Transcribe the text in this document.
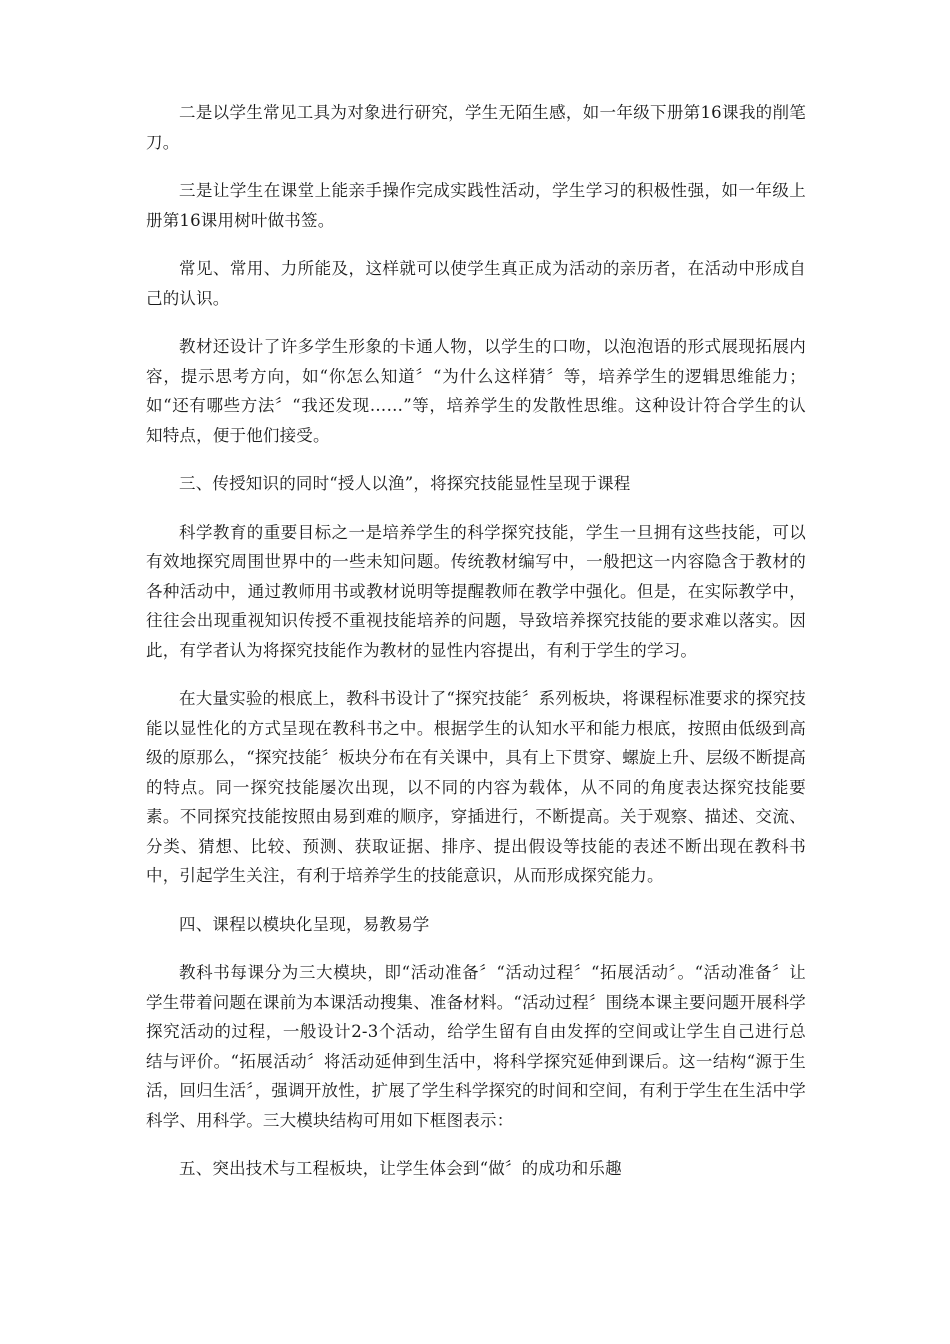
二是以学生常见工具为对象进行研究，学生无陌生感，如一年级下册第16课我的削笔刀。

三是让学生在课堂上能亲手操作完成实践性活动，学生学习的积极性强，如一年级上册第16课用树叶做书签。

常见、常用、力所能及，这样就可以使学生真正成为活动的亲历者，在活动中形成自己的认识。

教材还设计了许多学生形象的卡通人物，以学生的口吻，以泡泡语的形式展现拓展内容，提示思考方向，如“你怎么知道〞“为什么这样猜〞等，培养学生的逻辑思维能力；如“还有哪些方法〞“我还发现……”等，培养学生的发散性思维。这种设计符合学生的认知特点，便于他们接受。

三、传授知识的同时“授人以渔”，将探究技能显性呈现于课程

科学教育的重要目标之一是培养学生的科学探究技能，学生一旦拥有这些技能，可以有效地探究周围世界中的一些未知问题。传统教材编写中，一般把这一内容隐含于教材的各种活动中，通过教师用书或教材说明等提醒教师在教学中强化。但是，在实际教学中，往往会出现重视知识传授不重视技能培养的问题，导致培养探究技能的要求难以落实。因此，有学者认为将探究技能作为教材的显性内容提出，有利于学生的学习。

在大量实验的根底上，教科书设计了“探究技能〞系列板块，将课程标准要求的探究技能以显性化的方式呈现在教科书之中。根据学生的认知水平和能力根底，按照由低级到高级的原那么，“探究技能〞板块分布在有关课中，具有上下贯穿、螺旋上升、层级不断提高的特点。同一探究技能屡次出现，以不同的内容为载体，从不同的角度表达探究技能要素。不同探究技能按照由易到难的顺序，穿插进行，不断提高。关于观察、描述、交流、分类、猜想、比较、预测、获取证据、排序、提出假设等技能的表述不断出现在教科书中，引起学生关注，有利于培养学生的技能意识，从而形成探究能力。

四、课程以模块化呈现，易教易学

教科书每课分为三大模块，即“活动准备〞“活动过程〞“拓展活动〞。“活动准备〞让学生带着问题在课前为本课活动搜集、准备材料。“活动过程〞围绕本课主要问题开展科学探究活动的过程，一般设计2-3个活动，给学生留有自由发挥的空间或让学生自己进行总结与评价。“拓展活动〞将活动延伸到生活中，将科学探究延伸到课后。这一结构“源于生活，回归生活〞，强调开放性，扩展了学生科学探究的时间和空间，有利于学生在生活中学科学、用科学。三大模块结构可用如下框图表示：

五、突出技术与工程板块，让学生体会到“做〞的成功和乐趣
